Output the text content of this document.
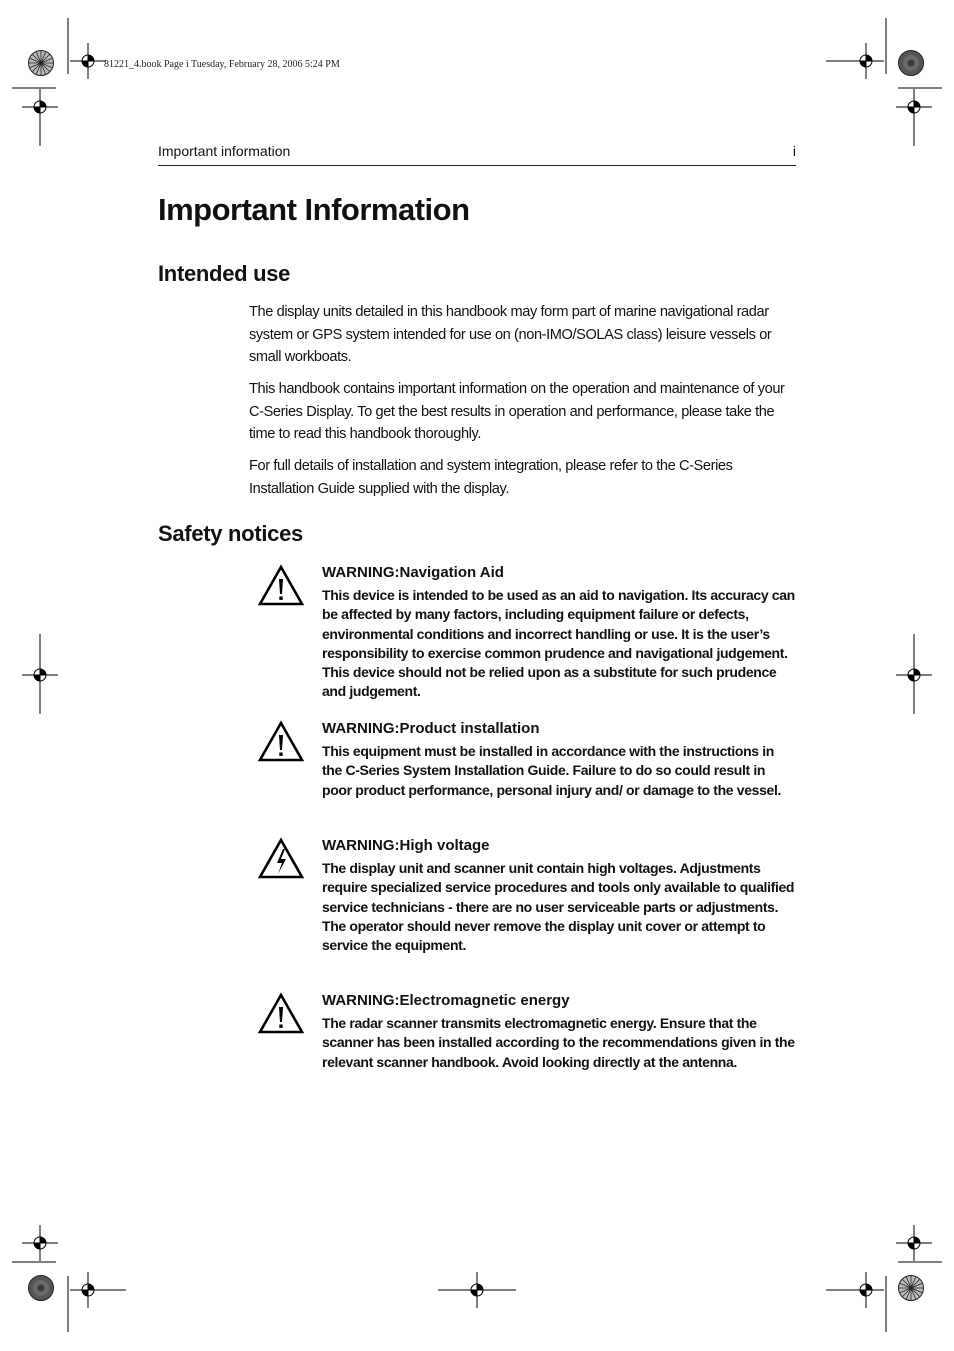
81221_4.book Page i Tuesday, February 28, 2006 5:24 PM
Important information	i
Important Information
Intended use

The display units detailed in this handbook may form part of marine navigational radar system or GPS system intended for use on (non-IMO/SOLAS class) leisure vessels or small workboats.

This handbook contains important information on the operation and maintenance of your C-Series Display. To get the best results in operation and performance, please take the time to read this handbook thoroughly.

For full details of installation and system integration, please refer to the C-Series Installation Guide supplied with the display.

Safety notices
WARNING:Navigation Aid

This device is intended to be used as an aid to navigation. Its accuracy can be affected by many factors, including equipment failure or defects, environmental conditions and incorrect handling or use. It is the user’s responsibility to exercise common prudence and navigational judgement. This device should not be relied upon as a substitute for such prudence and judgement.

WARNING:Product installation

This equipment must be installed in accordance with the instructions in the C-Series System Installation Guide. Failure to do so could result in poor product performance, personal injury and/ or damage to the vessel.

WARNING:High voltage

The display unit and scanner unit contain high voltages. Adjustments require specialized service procedures and tools only available to qualified service technicians - there are no user serviceable parts or adjustments. The operator should never remove the display unit cover or attempt to service the equipment.

WARNING:Electromagnetic energy

The radar scanner transmits electromagnetic energy. Ensure that the scanner has been installed according to the recommendations given in the relevant scanner handbook. Avoid looking directly at the antenna.
